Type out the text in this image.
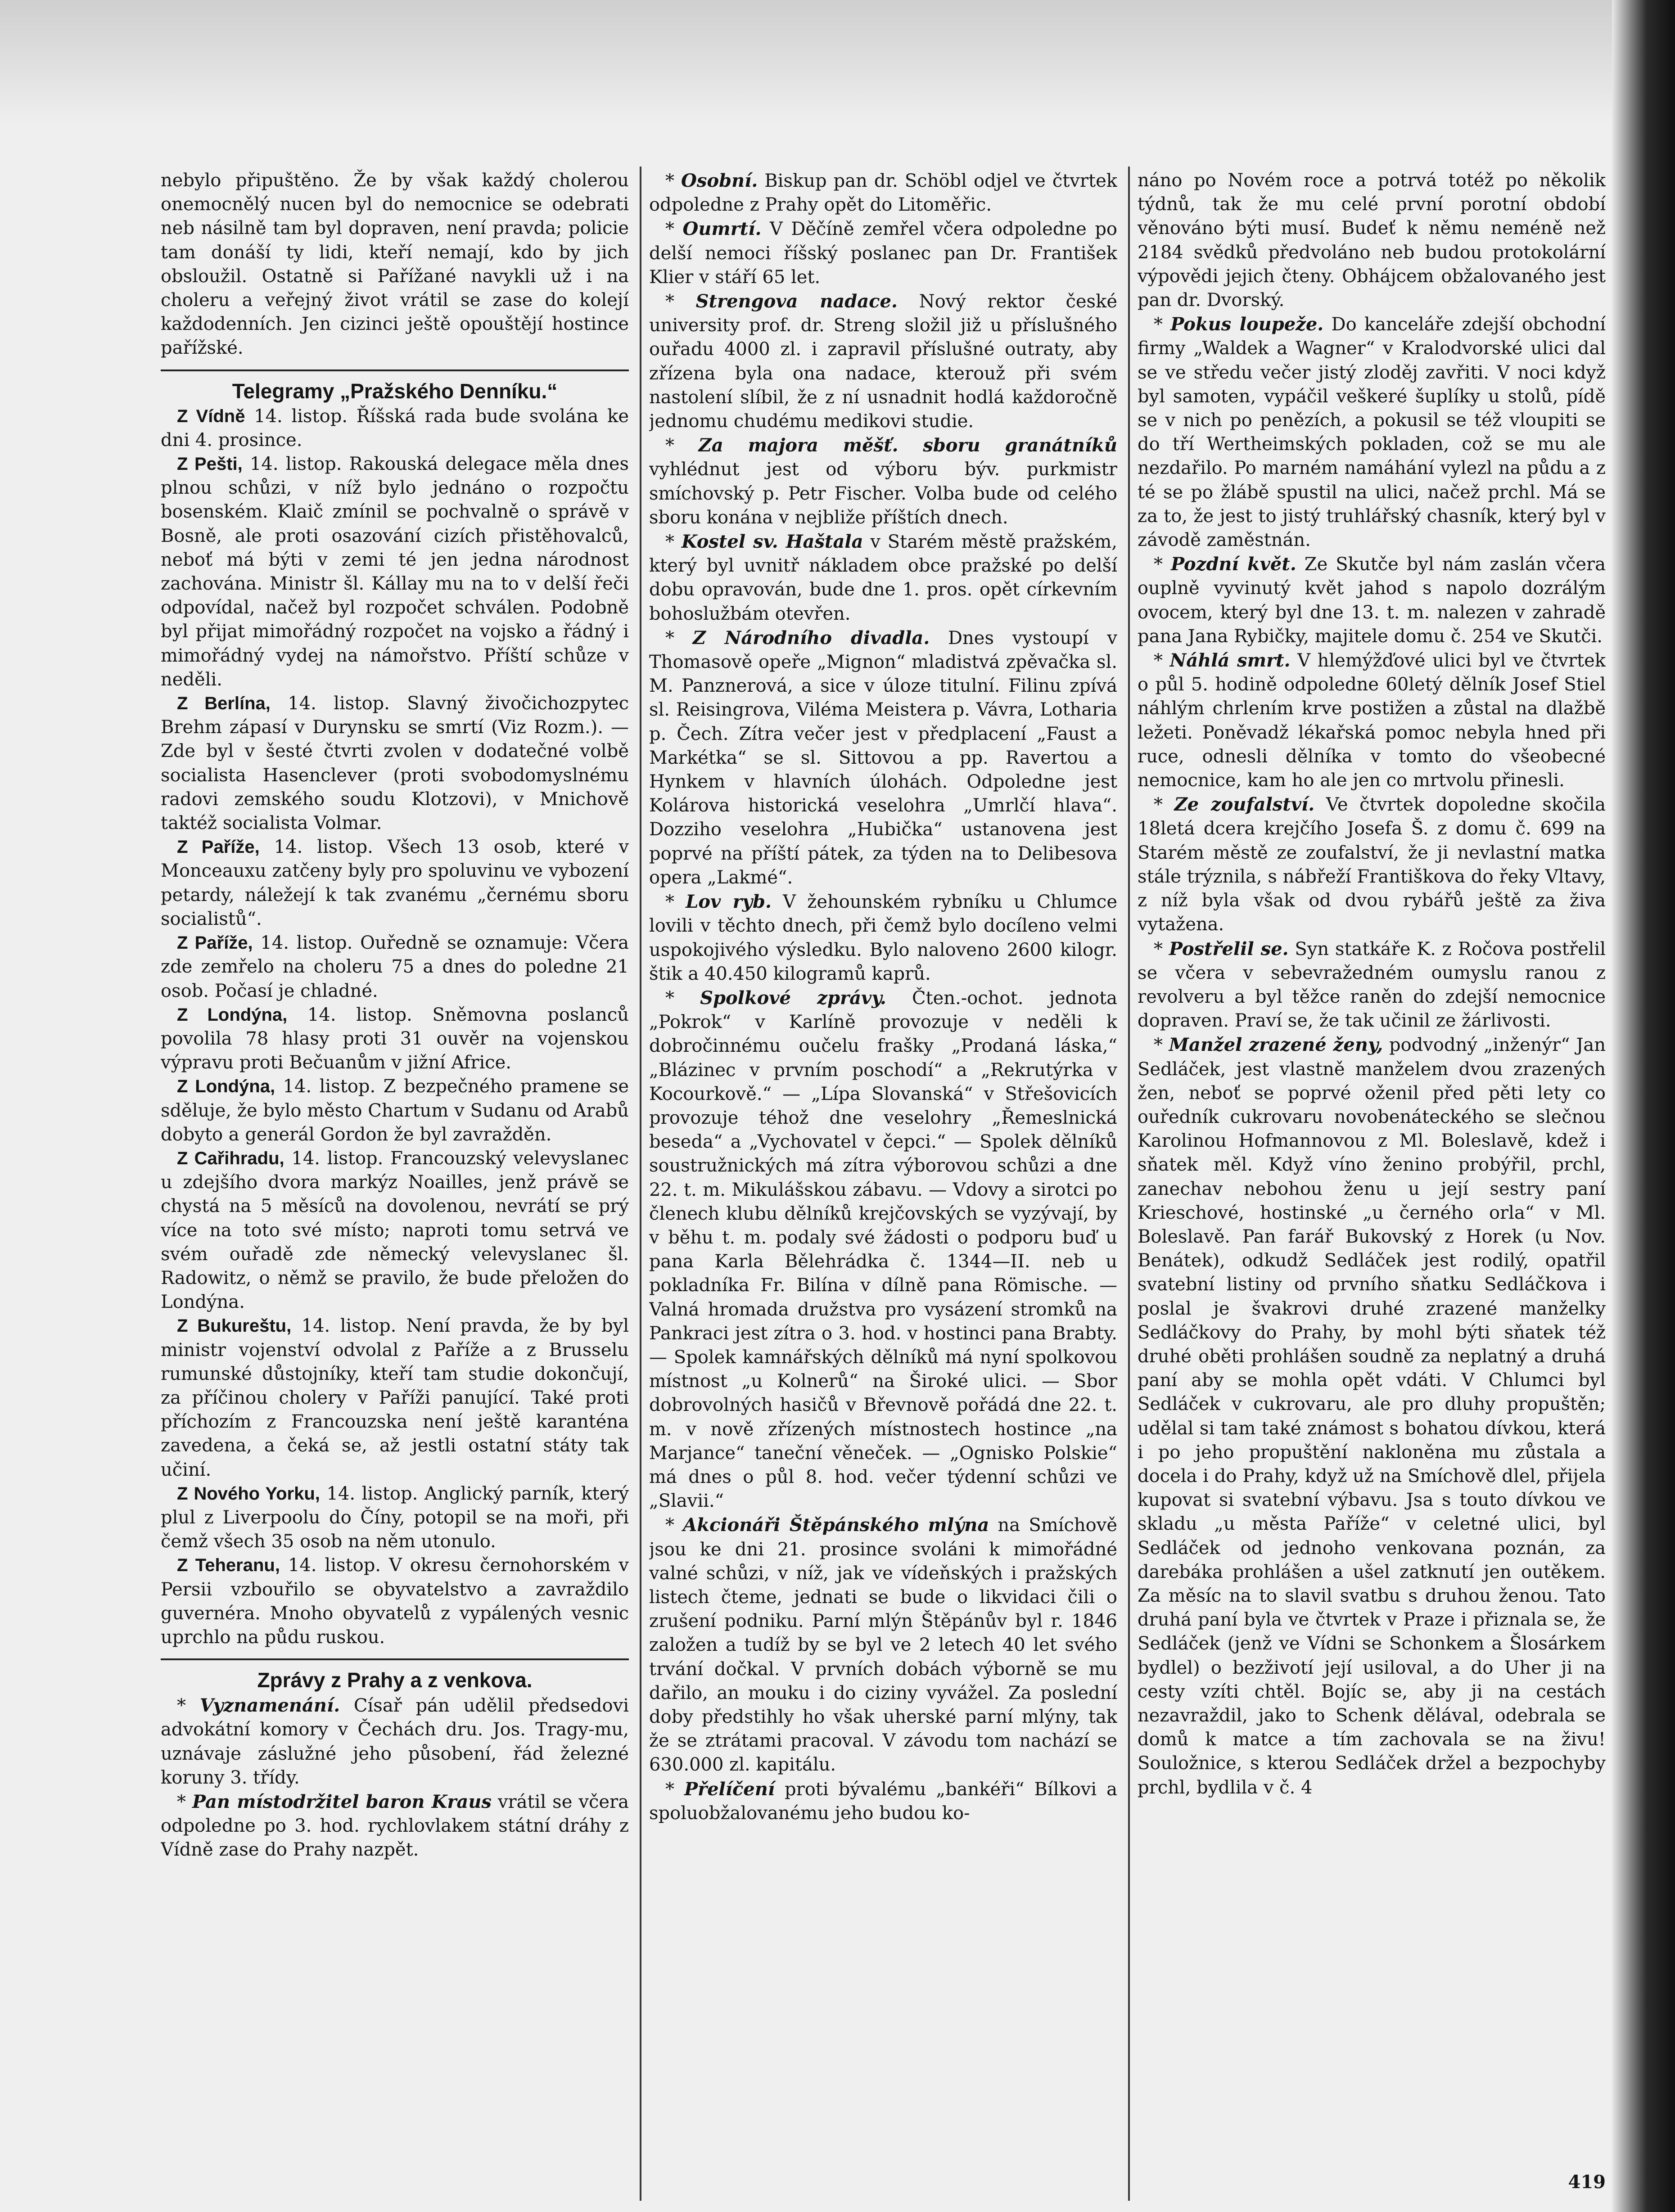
nebylo připuštěno. Že by však každý cholerou onemocnělý nucen byl do nemocnice se odebrati neb násilně tam byl dopraven, není pravda; policie tam donáší ty lidi, kteří nemají, kdo by jich obsloužil. Ostatně si Pařížané navykli už i na choleru a veřejný život vrátil se zase do kolejí každodenních. Jen cizinci ještě opouštějí hostince pařížské.

Telegramy „Pražského Denníku.“

Z Vídně 14. listop. Říšská rada bude svolána ke dni 4. prosince.

Z Pešti, 14. listop. Rakouská delegace měla dnes plnou schůzi, v níž bylo jednáno o rozpočtu bosenském. Klaič zmínil se pochvalně o správě v Bosně, ale proti osazování cizích přistěhovalců, neboť má býti v zemi té jen jedna národnost zachována. Ministr šl. Kállay mu na to v delší řeči odpovídal, načež byl rozpočet schválen. Podobně byl přijat mimořádný rozpočet na vojsko a řádný i mimořádný vydej na námořstvo. Příští schůze v neděli.

Z Berlína, 14. listop. Slavný živočichozpytec Brehm zápasí v Durynsku se smrtí (Viz Rozm.). — Zde byl v šesté čtvrti zvolen v dodatečné volbě socialista Hasenclever (proti svobodomyslnému radovi zemského soudu Klotzovi), v Mnichově taktéž socialista Volmar.

Z Paříže, 14. listop. Všech 13 osob, které v Monceauxu zatčeny byly pro spoluvinu ve vybození petardy, náležejí k tak zvanému „černému sboru socialistů“.

Z Paříže, 14. listop. Ouředně se oznamuje: Včera zde zemřelo na choleru 75 a dnes do poledne 21 osob. Počasí je chladné.

Z Londýna, 14. listop. Sněmovna poslanců povolila 78 hlasy proti 31 ouvěr na vojenskou výpravu proti Bečuanům v jižní Africe.

Z Londýna, 14. listop. Z bezpečného pramene se sděluje, že bylo město Chartum v Sudanu od Arabů dobyto a generál Gordon že byl zavražděn.

Z Cařihradu, 14. listop. Francouzský velevyslanec u zdejšího dvora markýz Noailles, jenž právě se chystá na 5 měsíců na dovolenou, nevrátí se prý více na toto své místo; naproti tomu setrvá ve svém ouřadě zde německý velevyslanec šl. Radowitz, o němž se pravilo, že bude přeložen do Londýna.

Z Bukureštu, 14. listop. Není pravda, že by byl ministr vojenství odvolal z Paříže a z Brusselu rumunské důstojníky, kteří tam studie dokončují, za příčinou cholery v Paříži panující. Také proti příchozím z Francouzska není ještě karanténa zavedena, a čeká se, až jestli ostatní státy tak učiní.

Z Nového Yorku, 14. listop. Anglický parník, který plul z Liverpoolu do Číny, potopil se na moři, při čemž všech 35 osob na něm utonulo.

Z Teheranu, 14. listop. V okresu černohorském v Persii vzbouřilo se obyvatelstvo a zavraždilo guvernéra. Mnoho obyvatelů z vypálených vesnic uprchlo na půdu ruskou.

Zprávy z Prahy a z venkova.

* Vyznamenání. Císař pán udělil předsedovi advokátní komory v Čechách dru. Jos. Tragy-mu, uznávaje záslužné jeho působení, řád železné koruny 3. třídy.

* Pan místodržitel baron Kraus vrátil se včera odpoledne po 3. hod. rychlovlakem státní dráhy z Vídně zase do Prahy nazpět.

* Osobní. Biskup pan dr. Schöbl odjel ve čtvrtek odpoledne z Prahy opět do Litoměřic.

* Oumrtí. V Děčíně zemřel včera odpoledne po delší nemoci říšský poslanec pan Dr. František Klier v stáří 65 let.

* Strengova nadace. Nový rektor české university prof. dr. Streng složil již u příslušného ouřadu 4000 zl. i zapravil příslušné outraty, aby zřízena byla ona nadace, kterouž při svém nastolení slíbil, že z ní usnadnit hodlá každoročně jednomu chudému medikovi studie.

* Za majora měšť. sboru granátníků vyhlédnut jest od výboru býv. purkmistr smíchovský p. Petr Fischer. Volba bude od celého sboru konána v nejbliže příštích dnech.

* Kostel sv. Haštala v Starém městě pražském, který byl uvnitř nákladem obce pražské po delší dobu opravován, bude dne 1. pros. opět církevním bohoslužbám otevřen.

* Z Národního divadla. Dnes vystoupí v Thomasově opeře „Mignon“ mladistvá zpěvačka sl. M. Panznerová, a sice v úloze titulní. Filinu zpívá sl. Reisingrova, Viléma Meistera p. Vávra, Lotharia p. Čech. Zítra večer jest v předplacení „Faust a Markétka“ se sl. Sittovou a pp. Ravertou a Hynkem v hlavních úlohách. Odpoledne jest Kolárova historická veselohra „Umrlčí hlava“. Dozziho veselohra „Hubička“ ustanovena jest poprvé na příští pátek, za týden na to Delibesova opera „Lakmé“.

* Lov ryb. V žehounském rybníku u Chlumce lovili v těchto dnech, při čemž bylo docíleno velmi uspokojivého výsledku. Bylo naloveno 2600 kilogr. štik a 40.450 kilogramů kaprů.

* Spolkové zprávy. Čten.-ochot. jednota „Pokrok“ v Karlíně provozuje v neděli k dobročinnému oučelu frašky „Prodaná láska,“ „Blázinec v prvním poschodí“ a „Rekrutýrka v Kocourkově.“ — „Lípa Slovanská“ v Střešovicích provozuje téhož dne veselohry „Řemeslnická beseda“ a „Vychovatel v čepci.“ — Spolek dělníků soustružnických má zítra výborovou schůzi a dne 22. t. m. Mikulášskou zábavu. — Vdovy a sirotci po členech klubu dělníků krejčovských se vyzývají, by v běhu t. m. podaly své žádosti o podporu buď u pana Karla Bělehrádka č. 1344—II. neb u pokladníka Fr. Bilína v dílně pana Römische. — Valná hromada družstva pro vysázení stromků na Pankraci jest zítra o 3. hod. v hostinci pana Brabty. — Spolek kamnářských dělníků má nyní spolkovou místnost „u Kolnerů“ na Široké ulici. — Sbor dobrovolných hasičů v Břevnově pořádá dne 22. t. m. v nově zřízených místnostech hostince „na Marjance“ taneční věneček. — „Ognisko Polskie“ má dnes o půl 8. hod. večer týdenní schůzi ve „Slavii.“

* Akcionáři Štěpánského mlýna na Smíchově jsou ke dni 21. prosince svoláni k mimořádné valné schůzi, v níž, jak ve vídeňských i pražských listech čteme, jednati se bude o likvidaci čili o zrušení podniku. Parní mlýn Štěpánův byl r. 1846 založen a tudíž by se byl ve 2 letech 40 let svého trvání dočkal. V prvních dobách výborně se mu dařilo, an mouku i do ciziny vyvážel. Za poslední doby předstihly ho však uherské parní mlýny, tak že se ztrátami pracoval. V závodu tom nachází se 630.000 zl. kapitálu.

* Přelíčení proti bývalému „bankéři“ Bílkovi a spoluobžalovanému jeho budou ko-

náno po Novém roce a potrvá totéž po několik týdnů, tak že mu celé první porotní období věnováno býti musí. Budeť k němu neméně než 2184 svědků předvoláno neb budou protokolární výpovědi jejich čteny. Obhájcem obžalovaného jest pan dr. Dvorský.

* Pokus loupeže. Do kanceláře zdejší obchodní firmy „Waldek a Wagner“ v Kralodvorské ulici dal se ve středu večer jistý zloděj zavřiti. V noci když byl samoten, vypáčil veškeré šuplíky u stolů, pídě se v nich po penězích, a pokusil se též vloupiti se do tří Wertheimských pokladen, což se mu ale nezdařilo. Po marném namáhání vylezl na půdu a z té se po žlábě spustil na ulici, načež prchl. Má se za to, že jest to jistý truhlářský chasník, který byl v závodě zaměstnán.

* Pozdní květ. Ze Skutče byl nám zaslán včera ouplně vyvinutý květ jahod s napolo dozrálým ovocem, který byl dne 13. t. m. nalezen v zahradě pana Jana Rybičky, majitele domu č. 254 ve Skutči.

* Náhlá smrt. V hlemýžďové ulici byl ve čtvrtek o půl 5. hodině odpoledne 60letý dělník Josef Stiel náhlým chrlením krve postižen a zůstal na dlažbě ležeti. Poněvadž lékařská pomoc nebyla hned při ruce, odnesli dělníka v tomto do všeobecné nemocnice, kam ho ale jen co mrtvolu přinesli.

* Ze zoufalství. Ve čtvrtek dopoledne skočila 18letá dcera krejčího Josefa Š. z domu č. 699 na Starém městě ze zoufalství, že ji nevlastní matka stále trýznila, s nábřeží Františkova do řeky Vltavy, z níž byla však od dvou rybářů ještě za živa vytažena.

* Postřelil se. Syn statkáře K. z Ročova postřelil se včera v sebevražedném oumyslu ranou z revolveru a byl těžce raněn do zdejší nemocnice dopraven. Praví se, že tak učinil ze žárlivosti.

* Manžel zrazené ženy, podvodný „inženýr“ Jan Sedláček, jest vlastně manželem dvou zrazených žen, neboť se poprvé oženil před pěti lety co ouředník cukrovaru novobenáteckého se slečnou Karolinou Hofmannovou z Ml. Boleslavě, kdež i sňatek měl. Když víno ženino probýřil, prchl, zanechav nebohou ženu u její sestry paní Krieschové, hostinské „u černého orla“ v Ml. Boleslavě. Pan farář Bukovský z Horek (u Nov. Benátek), odkudž Sedláček jest rodilý, opatřil svatební listiny od prvního sňatku Sedláčkova i poslal je švakrovi druhé zrazené manželky Sedláčkovy do Prahy, by mohl býti sňatek též druhé oběti prohlášen soudně za neplatný a druhá paní aby se mohla opět vdáti. V Chlumci byl Sedláček v cukrovaru, ale pro dluhy propuštěn; udělal si tam také známost s bohatou dívkou, která i po jeho propuštění nakloněna mu zůstala a docela i do Prahy, když už na Smíchově dlel, přijela kupovat si svatební výbavu. Jsa s touto dívkou ve skladu „u města Paříže“ v celetné ulici, byl Sedláček od jednoho venkovana poznán, za darebáka prohlášen a ušel zatknutí jen outěkem. Za měsíc na to slavil svatbu s druhou ženou. Tato druhá paní byla ve čtvrtek v Praze i přiznala se, že Sedláček (jenž ve Vídni se Schonkem a Šlosárkem bydlel) o bezživotí její usiloval, a do Uher ji na cesty vzíti chtěl. Bojíc se, aby ji na cestách nezavraždil, jako to Schenk dělával, odebrala se domů k matce a tím zachovala se na živu! Souložnice, s kterou Sedláček držel a bezpochyby prchl, bydlila v č. 4

419
